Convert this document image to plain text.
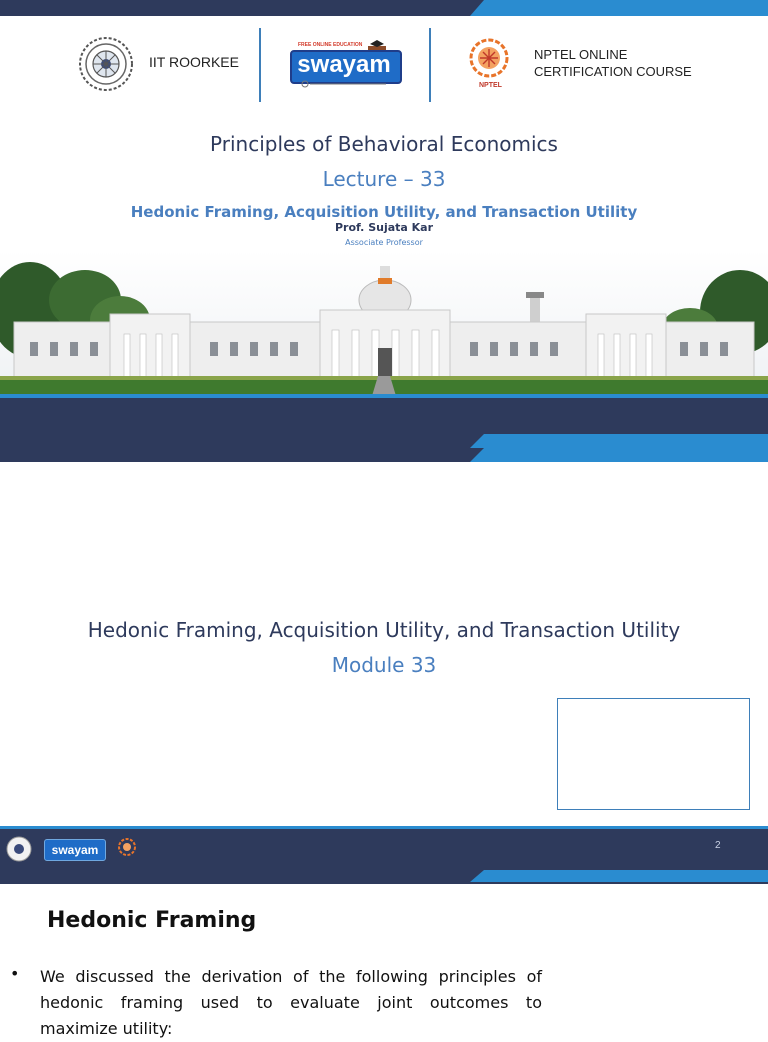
IIT ROORKEE
FREE ONLINE EDUCATION
swayam
NPTEL
NPTEL ONLINE
CERTIFICATION COURSE
Principles of Behavioral Economics
Lecture – 33
Hedonic Framing, Acquisition Utility, and Transaction Utility
Prof. Sujata Kar
Associate Professor
Hedonic Framing, Acquisition Utility, and Transaction Utility
Module 33
swayam	2
Hedonic Framing
• We discussed the derivation of the following principles of
hedonic framing used to evaluate joint outcomes to
maximize utility:
